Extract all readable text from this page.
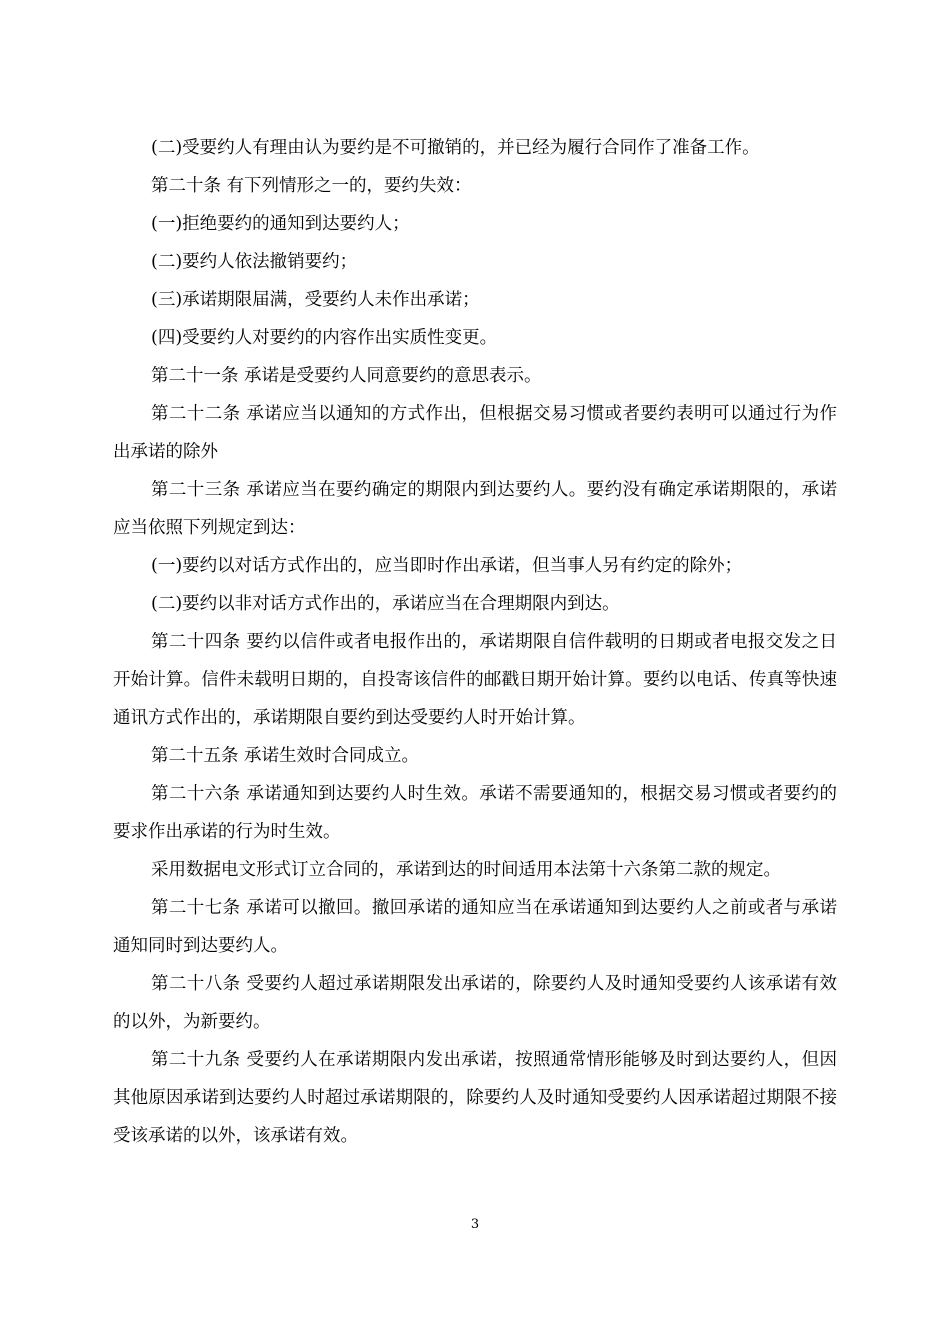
(二)受要约人有理由认为要约是不可撤销的，并已经为履行合同作了准备工作。

第二十条 有下列情形之一的，要约失效：

(一)拒绝要约的通知到达要约人；

(二)要约人依法撤销要约；

(三)承诺期限届满，受要约人未作出承诺；

(四)受要约人对要约的内容作出实质性变更。

第二十一条 承诺是受要约人同意要约的意思表示。

第二十二条 承诺应当以通知的方式作出，但根据交易习惯或者要约表明可以通过行为作出承诺的除外

第二十三条 承诺应当在要约确定的期限内到达要约人。要约没有确定承诺期限的，承诺应当依照下列规定到达：

(一)要约以对话方式作出的，应当即时作出承诺，但当事人另有约定的除外；

(二)要约以非对话方式作出的，承诺应当在合理期限内到达。

第二十四条 要约以信件或者电报作出的，承诺期限自信件载明的日期或者电报交发之日开始计算。信件未载明日期的，自投寄该信件的邮戳日期开始计算。要约以电话、传真等快速通讯方式作出的，承诺期限自要约到达受要约人时开始计算。

第二十五条 承诺生效时合同成立。

第二十六条 承诺通知到达要约人时生效。承诺不需要通知的，根据交易习惯或者要约的要求作出承诺的行为时生效。

采用数据电文形式订立合同的，承诺到达的时间适用本法第十六条第二款的规定。

第二十七条 承诺可以撤回。撤回承诺的通知应当在承诺通知到达要约人之前或者与承诺通知同时到达要约人。

第二十八条 受要约人超过承诺期限发出承诺的，除要约人及时通知受要约人该承诺有效的以外，为新要约。

第二十九条 受要约人在承诺期限内发出承诺，按照通常情形能够及时到达要约人，但因其他原因承诺到达要约人时超过承诺期限的，除要约人及时通知受要约人因承诺超过期限不接受该承诺的以外，该承诺有效。

3
